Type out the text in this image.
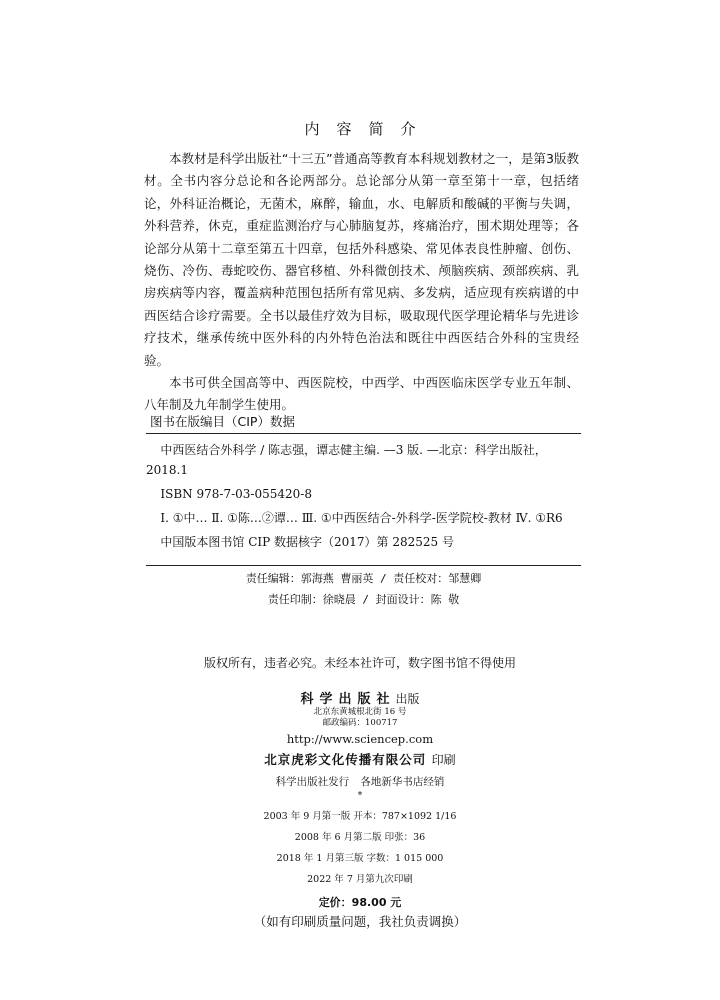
内容简介

本教材是科学出版社“十三五”普通高等教育本科规划教材之一，是第3版教材。全书内容分总论和各论两部分。总论部分从第一章至第十一章，包括绪论，外科证治概论，无菌术，麻醉，输血，水、电解质和酸碱的平衡与失调，外科营养，休克，重症监测治疗与心肺脑复苏，疼痛治疗，围术期处理等；各论部分从第十二章至第五十四章，包括外科感染、常见体表良性肿瘤、创伤、烧伤、冷伤、毒蛇咬伤、器官移植、外科微创技术、颅脑疾病、颈部疾病、乳房疾病等内容，覆盖病种范围包括所有常见病、多发病，适应现有疾病谱的中西医结合诊疗需要。全书以最佳疗效为目标，吸取现代医学理论精华与先进诊疗技术，继承传统中医外科的内外特色治法和既往中西医结合外科的宝贵经验。

本书可供全国高等中、西医院校，中西学、中西医临床医学专业五年制、八年制及九年制学生使用。

图书在版编目（CIP）数据

中西医结合外科学 / 陈志强，谭志健主编. —3 版. —北京：科学出版社，2018.1

ISBN 978-7-03-055420-8

Ⅰ. ①中… Ⅱ. ①陈…②谭… Ⅲ. ①中西医结合-外科学-医学院校-教材 Ⅳ. ①R6

中国版本图书馆 CIP 数据核字（2017）第 282525 号

责任编辑：郭海燕 曹丽英 / 责任校对：邹慧卿
责任印制：徐晓晨 / 封面设计：陈 敬
版权所有，违者必究。未经本社许可，数字图书馆不得使用
科学出版社出版
北京东黄城根北街 16 号
邮政编码：100717
http://www.sciencep.com
北京虎彩文化传播有限公司 印刷
科学出版社发行 各地新华书店经销
*
2003 年 9 月第一版 开本：787×1092 1/16
2008 年 6 月第二版 印张：36
2018 年 1 月第三版 字数：1 015 000
2022 年 7 月第九次印刷
定价：98.00 元
（如有印刷质量问题，我社负责调换）
